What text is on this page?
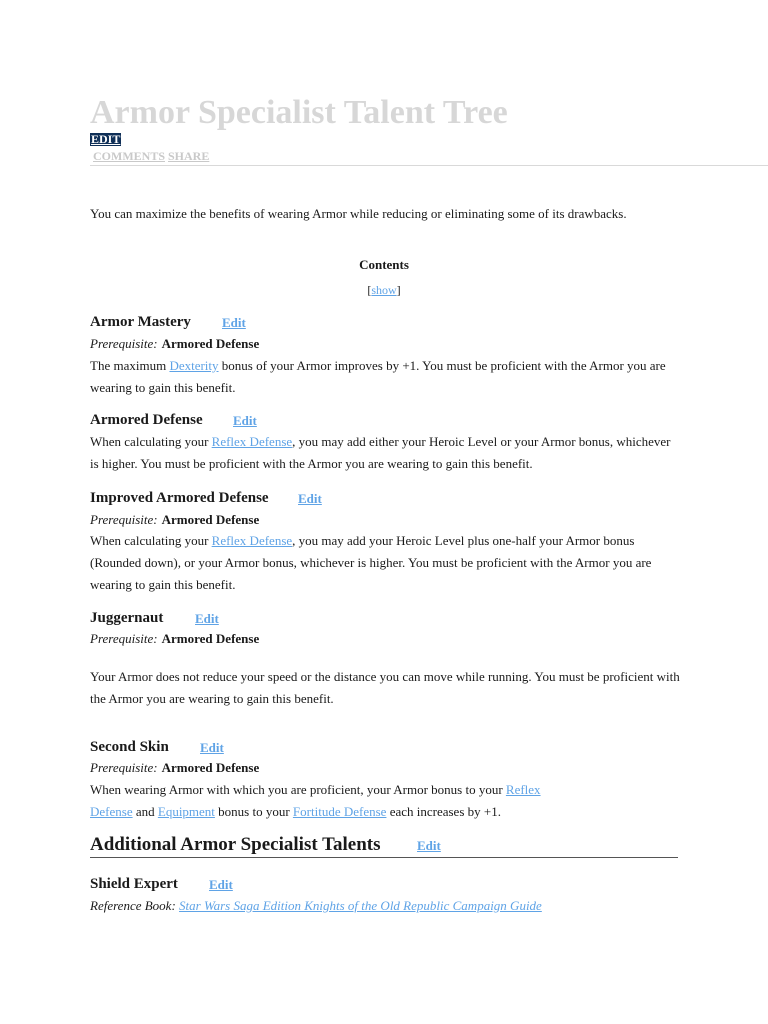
Armor Specialist Talent Tree
EDIT
COMMENTS SHARE
You can maximize the benefits of wearing Armor while reducing or eliminating some of its drawbacks.
Contents
[show]
Armor Mastery Edit
Prerequisite: Armored Defense
The maximum Dexterity bonus of your Armor improves by +1. You must be proficient with the Armor you are wearing to gain this benefit.
Armored Defense Edit
When calculating your Reflex Defense, you may add either your Heroic Level or your Armor bonus, whichever is higher. You must be proficient with the Armor you are wearing to gain this benefit.
Improved Armored Defense Edit
Prerequisite: Armored Defense
When calculating your Reflex Defense, you may add your Heroic Level plus one-half your Armor bonus (Rounded down), or your Armor bonus, whichever is higher. You must be proficient with the Armor you are wearing to gain this benefit.
Juggernaut Edit
Prerequisite: Armored Defense
Your Armor does not reduce your speed or the distance you can move while running. You must be proficient with the Armor you are wearing to gain this benefit.
Second Skin Edit
Prerequisite: Armored Defense
When wearing Armor with which you are proficient, your Armor bonus to your Reflex Defense and Equipment bonus to your Fortitude Defense each increases by +1.
Additional Armor Specialist Talents	Edit
Shield Expert Edit
Reference Book: Star Wars Saga Edition Knights of the Old Republic Campaign Guide
